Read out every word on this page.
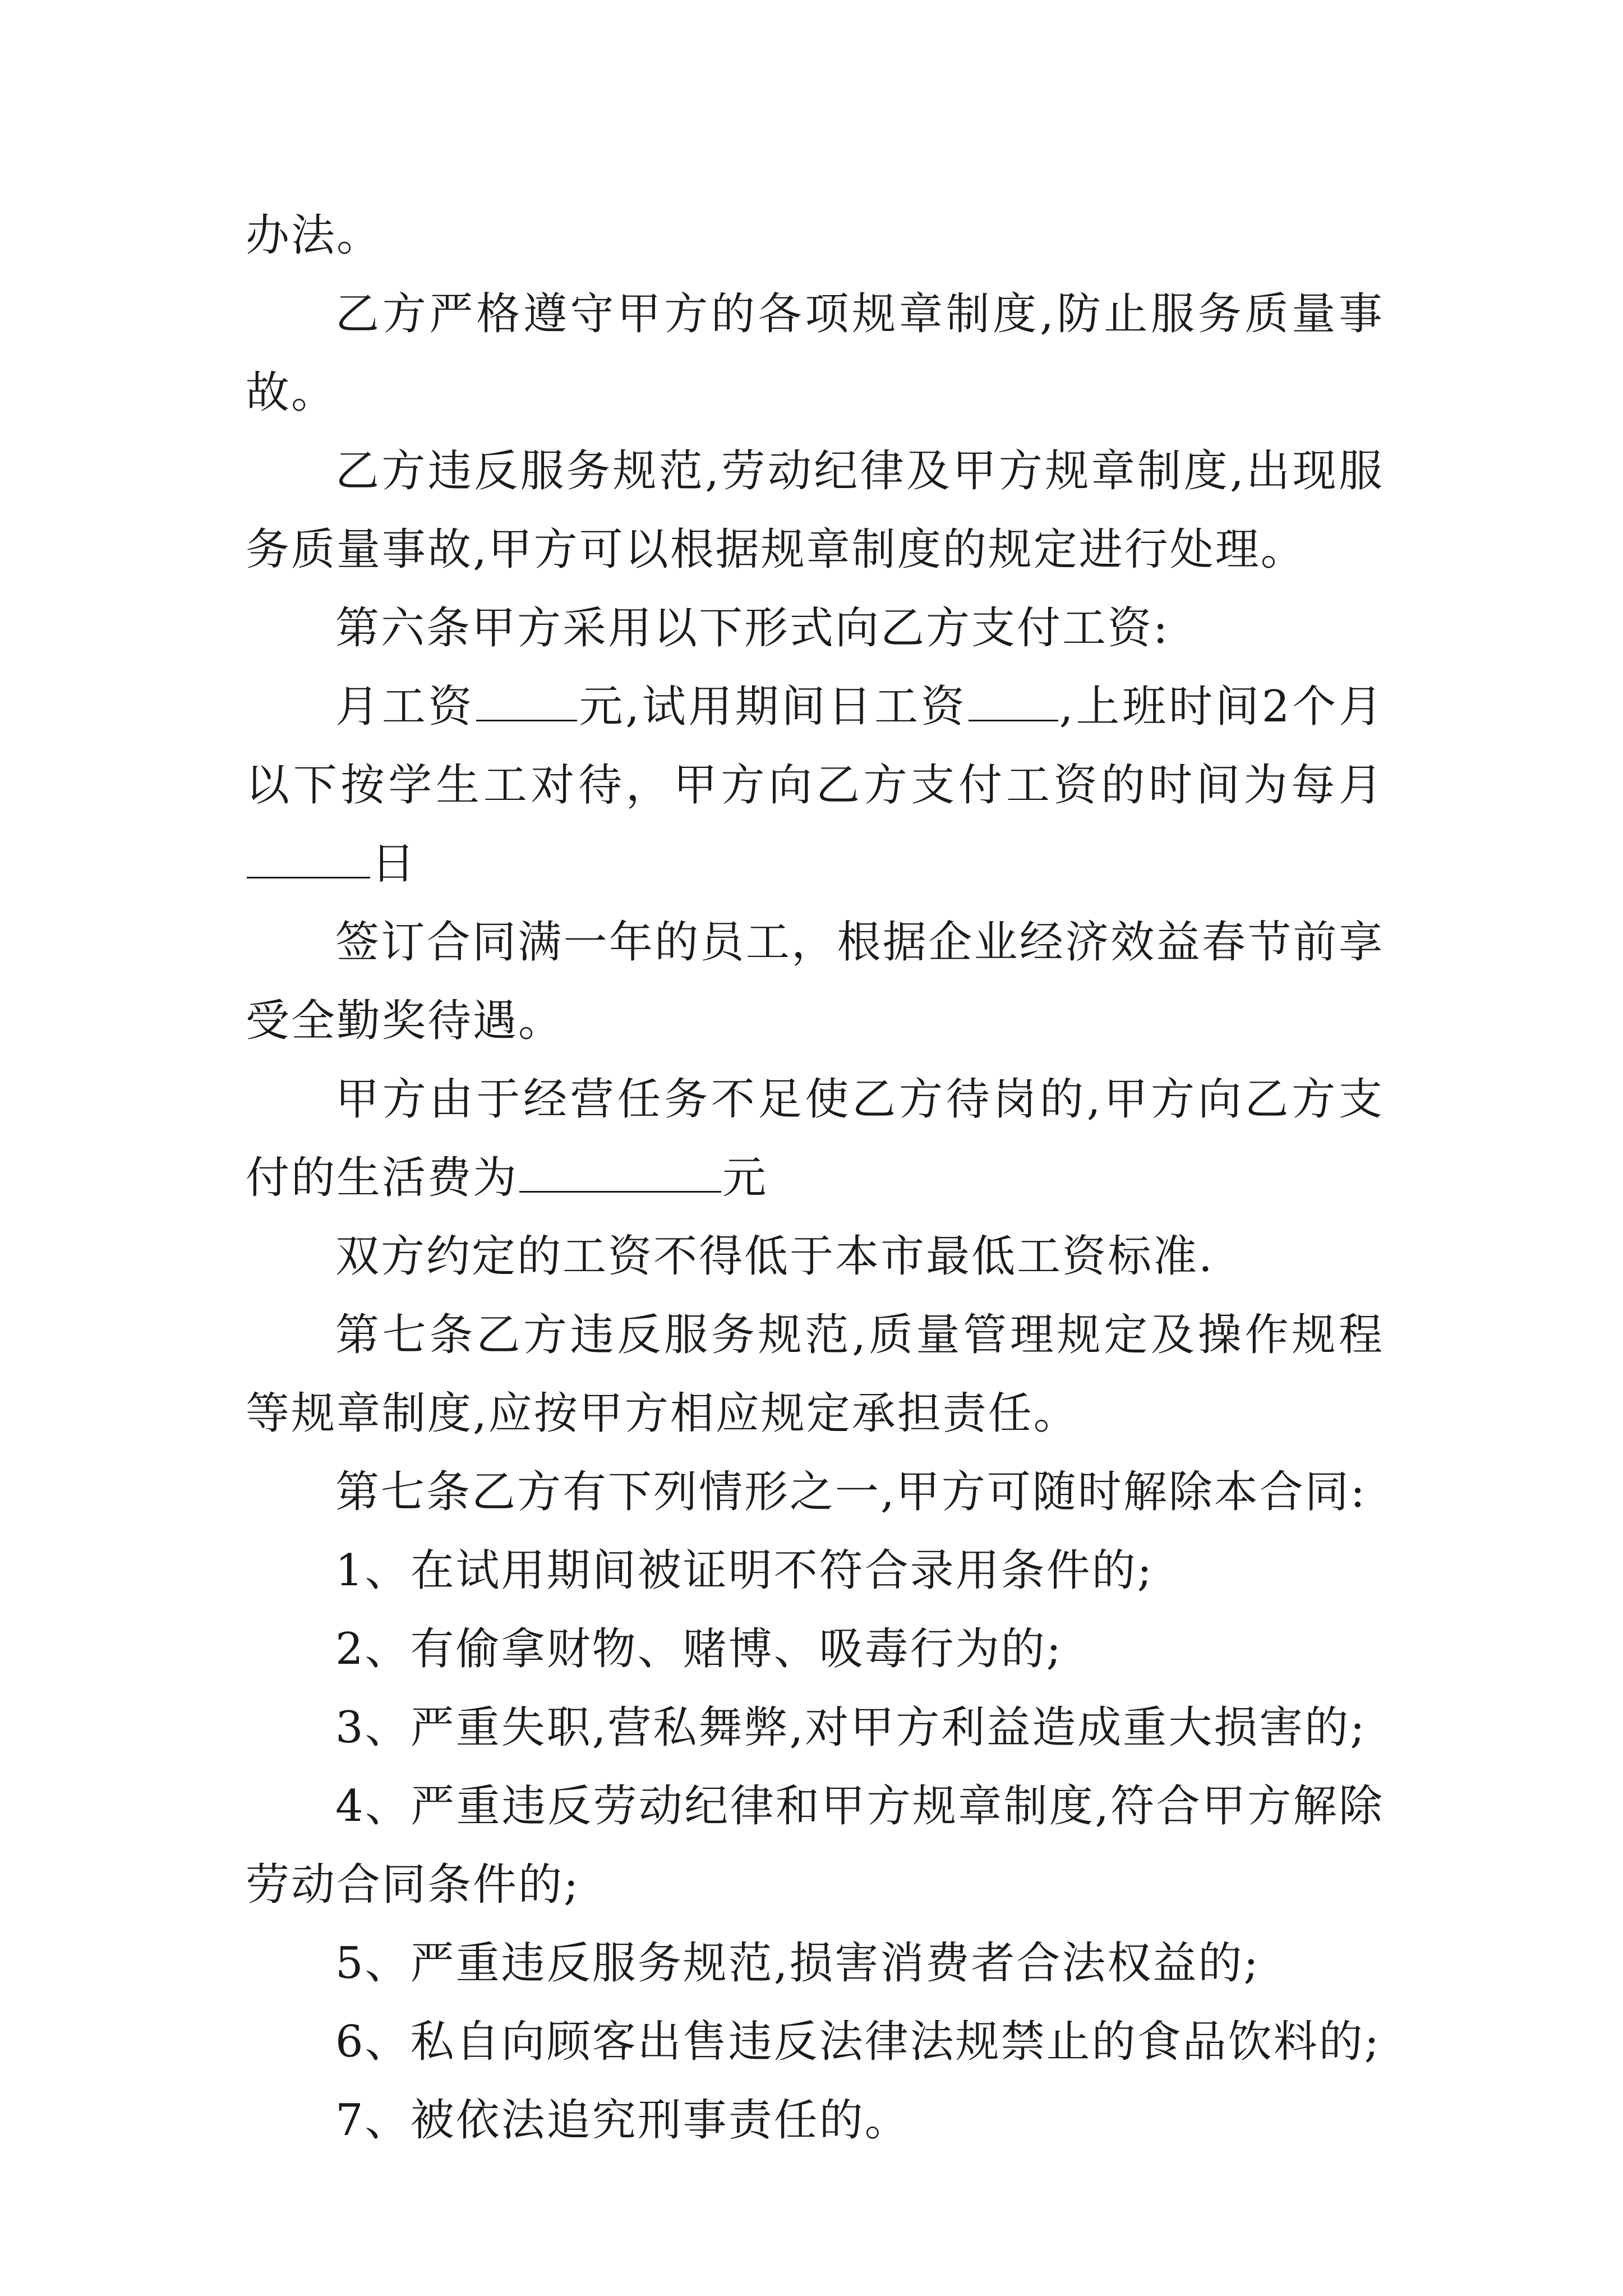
办法。

乙方严格遵守甲方的各项规章制度,防止服务质量事故。

乙方违反服务规范,劳动纪律及甲方规章制度,出现服务质量事故,甲方可以根据规章制度的规定进行处理。

第六条甲方采用以下形式向乙方支付工资:

月工资 元,试用期间日工资 ,上班时间2个月以下按学生工对待，甲方向乙方支付工资的时间为每月日

签订合同满一年的员工，根据企业经济效益春节前享受全勤奖待遇。

甲方由于经营任务不足使乙方待岗的,甲方向乙方支付的生活费为	元

双方约定的工资不得低于本市最低工资标准.

第七条乙方违反服务规范,质量管理规定及操作规程等规章制度,应按甲方相应规定承担责任。

第七条乙方有下列情形之一,甲方可随时解除本合同:

1、在试用期间被证明不符合录用条件的;

2、有偷拿财物、赌博、吸毒行为的;

3、严重失职,营私舞弊,对甲方利益造成重大损害的;

4、严重违反劳动纪律和甲方规章制度,符合甲方解除劳动合同条件的;

5、严重违反服务规范,损害消费者合法权益的;

6、私自向顾客出售违反法律法规禁止的食品饮料的;

7、被依法追究刑事责任的。
